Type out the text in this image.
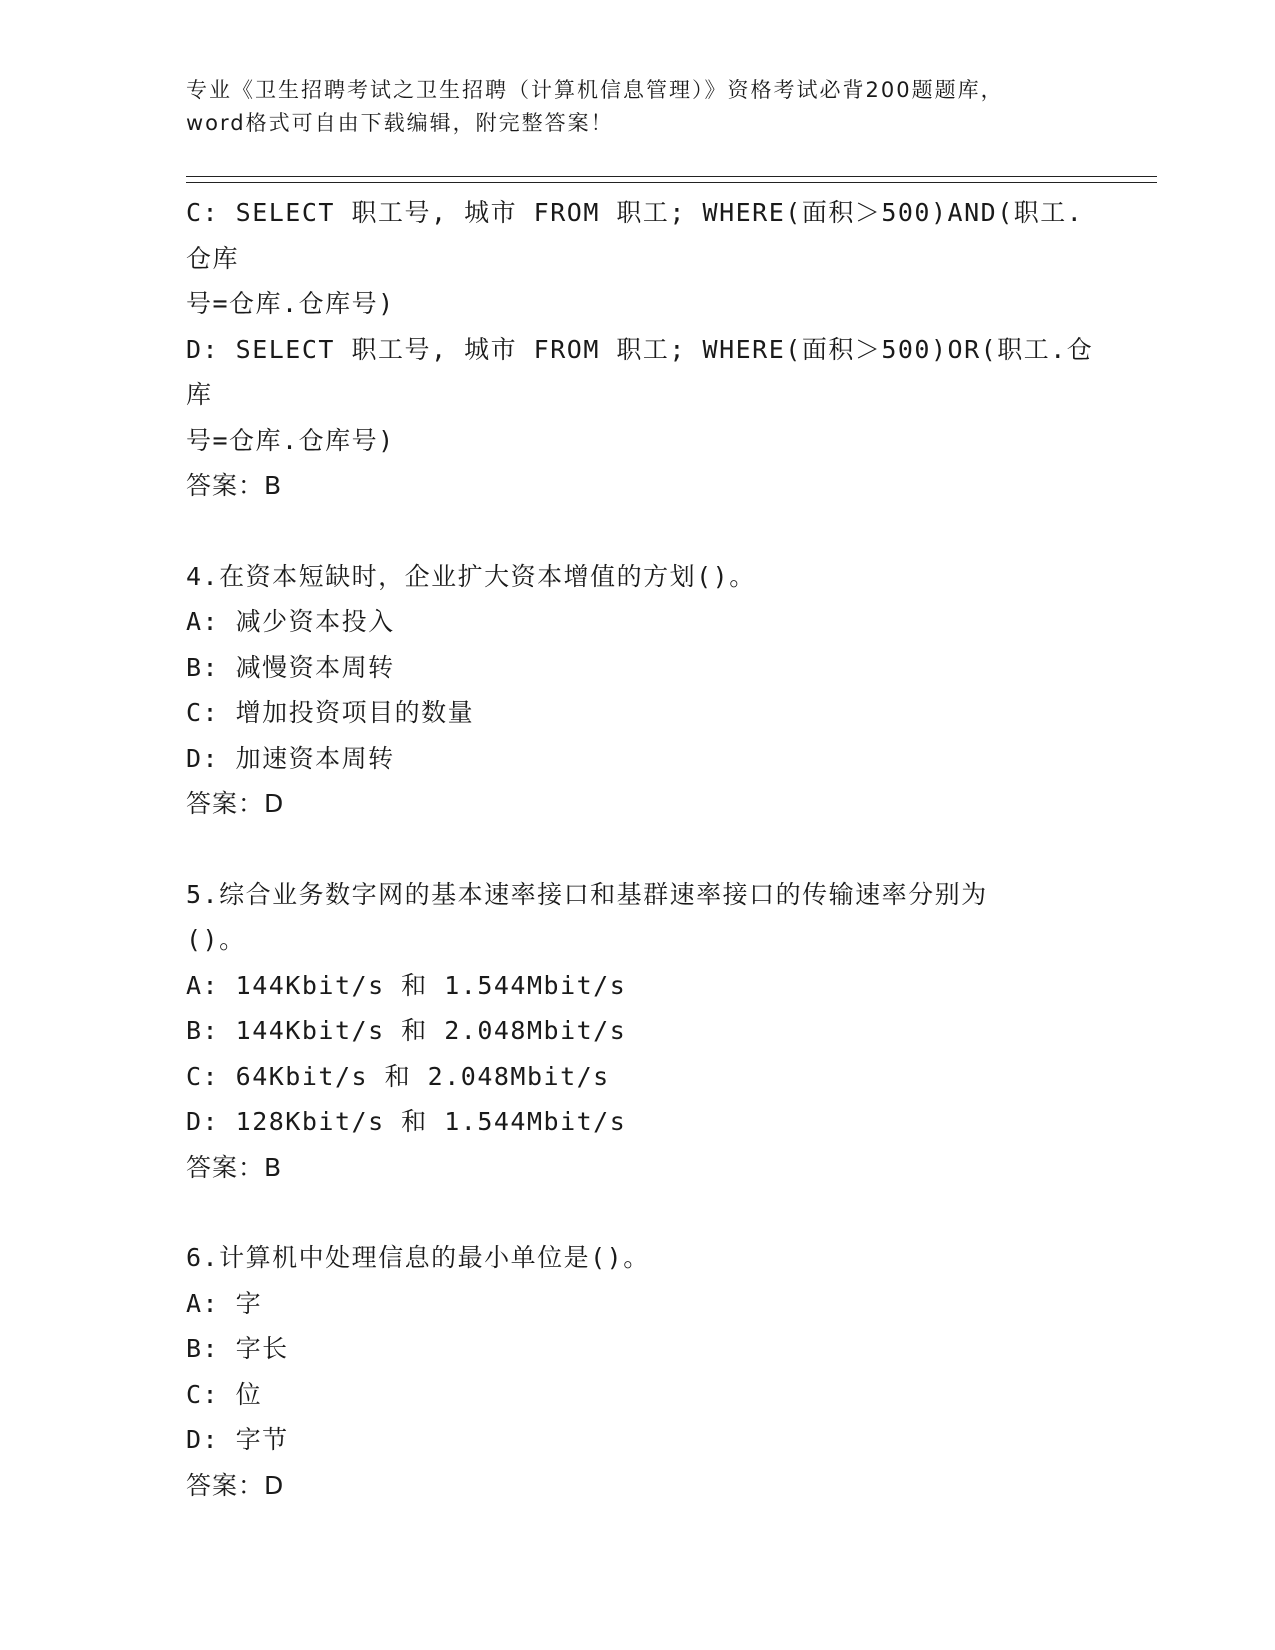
专业《卫生招聘考试之卫生招聘（计算机信息管理）》资格考试必背200题题库，
word格式可自由下载编辑，附完整答案！

C: SELECT 职工号, 城市 FROM 职工; WHERE(面积＞500)AND(职工.仓库

号=仓库.仓库号)

D: SELECT 职工号, 城市 FROM 职工; WHERE(面积＞500)OR(职工.仓库

号=仓库.仓库号)

答案：B

4.在资本短缺时，企业扩大资本增值的方划()。

A: 减少资本投入

B: 减慢资本周转

C: 增加投资项目的数量

D: 加速资本周转

答案：D

5.综合业务数字网的基本速率接口和基群速率接口的传输速率分别为

()。

A: 144Kbit/s 和 1.544Mbit/s

B: 144Kbit/s 和 2.048Mbit/s

C: 64Kbit/s 和 2.048Mbit/s

D: 128Kbit/s 和 1.544Mbit/s

答案：B

6.计算机中处理信息的最小单位是()。

A: 字

B: 字长

C: 位

D: 字节

答案：D
